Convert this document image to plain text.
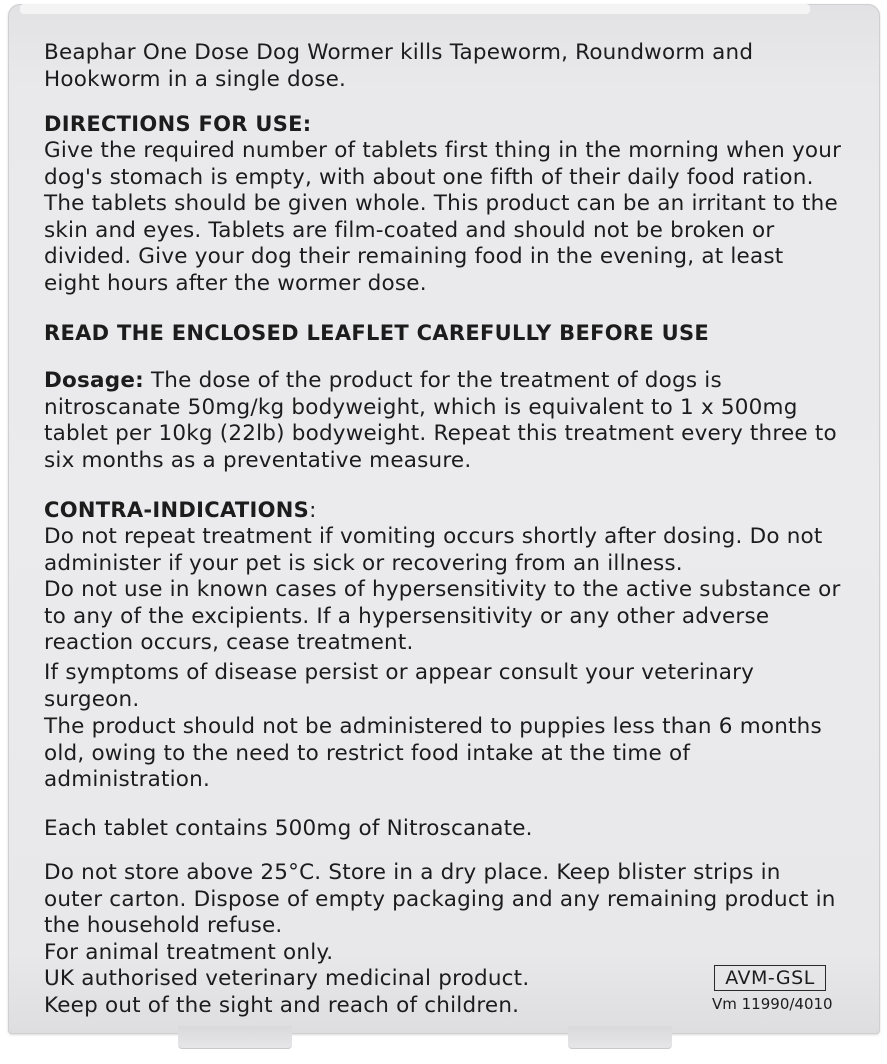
Beaphar One Dose Dog Wormer kills Tapeworm, Roundworm and Hookworm in a single dose.

DIRECTIONS FOR USE:

Give the required number of tablets first thing in the morning when your dog's stomach is empty, with about one fifth of their daily food ration. The tablets should be given whole. This product can be an irritant to the skin and eyes. Tablets are film-coated and should not be broken or divided. Give your dog their remaining food in the evening, at least eight hours after the wormer dose.

READ THE ENCLOSED LEAFLET CAREFULLY BEFORE USE

Dosage: The dose of the product for the treatment of dogs is nitroscanate 50mg/kg bodyweight, which is equivalent to 1 x 500mg tablet per 10kg (22lb) bodyweight. Repeat this treatment every three to six months as a preventative measure.

CONTRA-INDICATIONS:

Do not repeat treatment if vomiting occurs shortly after dosing. Do not administer if your pet is sick or recovering from an illness.

Do not use in known cases of hypersensitivity to the active substance or to any of the excipients. If a hypersensitivity or any other adverse reaction occurs, cease treatment.

If symptoms of disease persist or appear consult your veterinary surgeon.

The product should not be administered to puppies less than 6 months old, owing to the need to restrict food intake at the time of administration.

Each tablet contains 500mg of Nitroscanate.

Do not store above 25°C. Store in a dry place. Keep blister strips in outer carton. Dispose of empty packaging and any remaining product in the household refuse.

For animal treatment only.

UK authorised veterinary medicinal product.

Keep out of the sight and reach of children.

AVM-GSL
Vm 11990/4010
